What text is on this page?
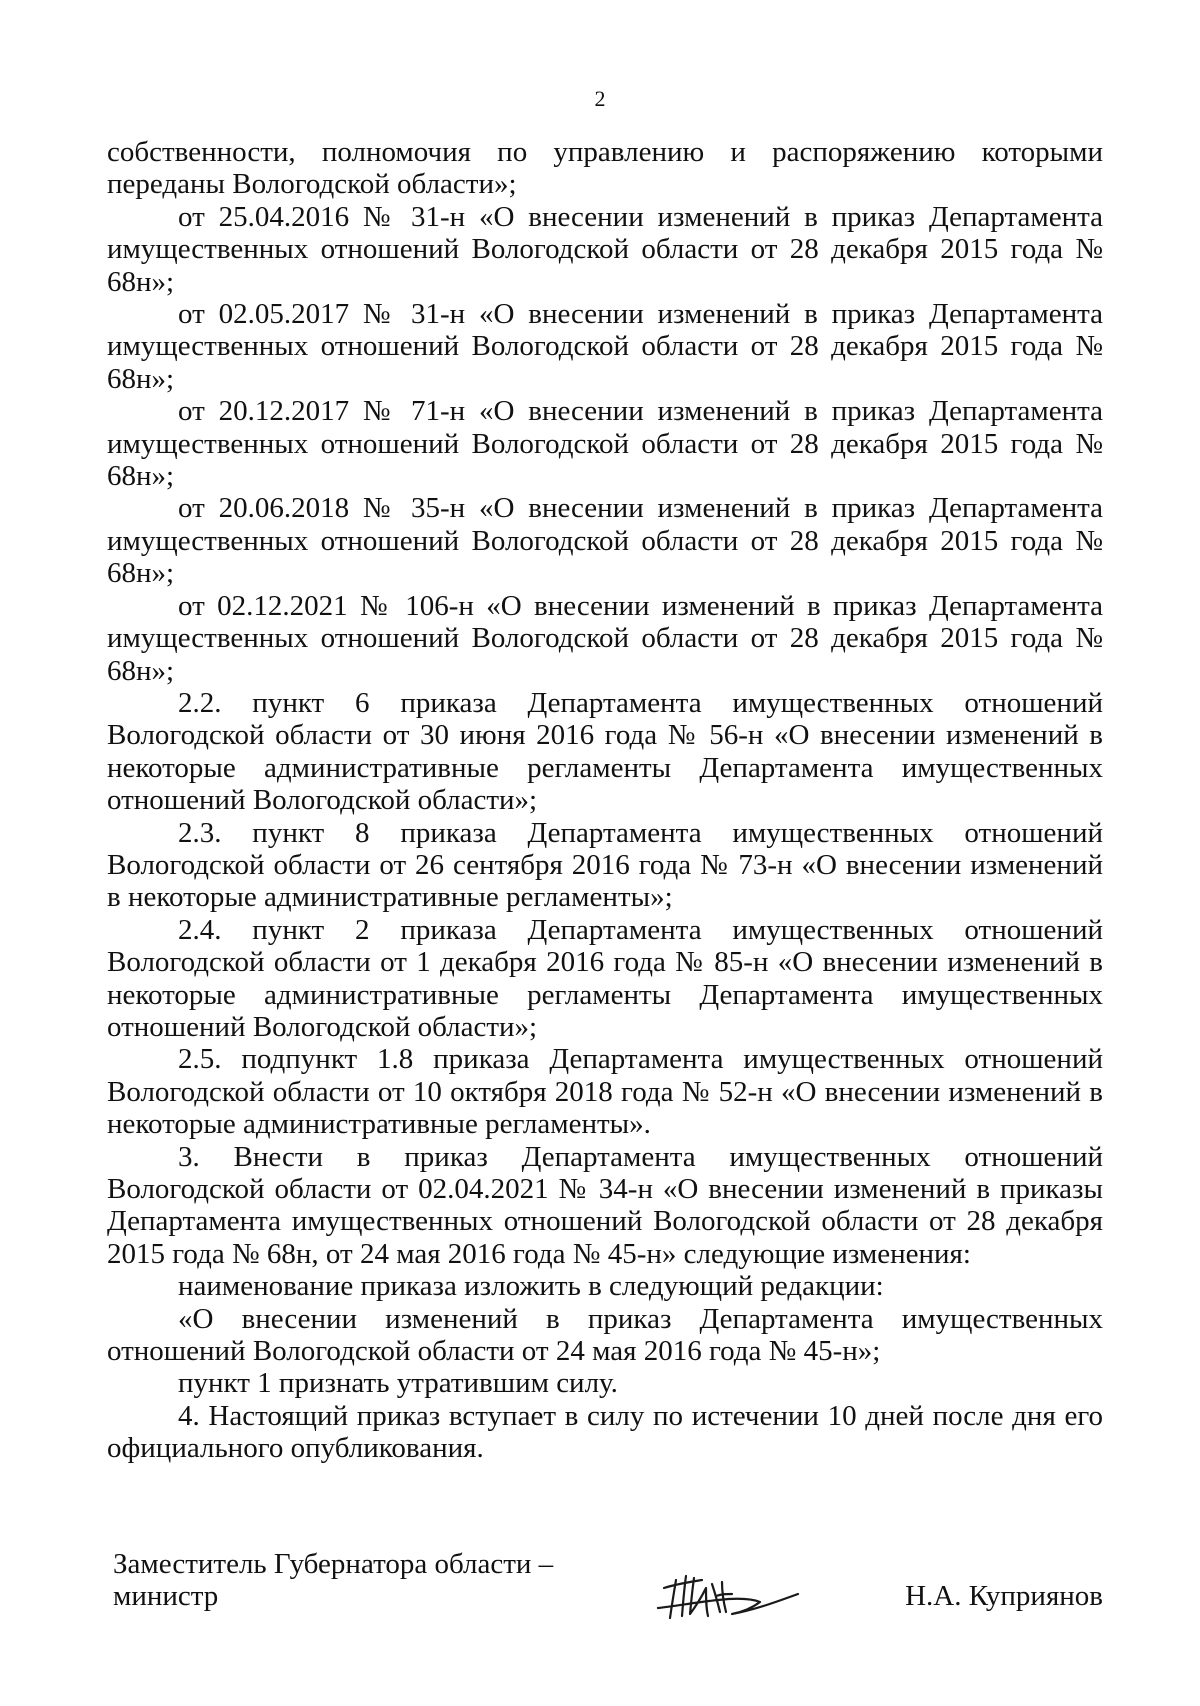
2

собственности, полномочия по управлению и распоряжению которыми переданы Вологодской области»;

от 25.04.2016 № 31-н «О внесении изменений в приказ Департамента имущественных отношений Вологодской области от 28 декабря 2015 года № 68н»;

от 02.05.2017 № 31-н «О внесении изменений в приказ Департамента имущественных отношений Вологодской области от 28 декабря 2015 года № 68н»;

от 20.12.2017 № 71-н «О внесении изменений в приказ Департамента имущественных отношений Вологодской области от 28 декабря 2015 года № 68н»;

от 20.06.2018 № 35-н «О внесении изменений в приказ Департамента имущественных отношений Вологодской области от 28 декабря 2015 года № 68н»;

от 02.12.2021 № 106-н «О внесении изменений в приказ Департамента имущественных отношений Вологодской области от 28 декабря 2015 года № 68н»;

2.2. пункт 6 приказа Департамента имущественных отношений Вологодской области от 30 июня 2016 года № 56-н «О внесении изменений в некоторые административные регламенты Департамента имущественных отношений Вологодской области»;

2.3. пункт 8 приказа Департамента имущественных отношений Вологодской области от 26 сентября 2016 года № 73-н «О внесении изменений в некоторые административные регламенты»;

2.4. пункт 2 приказа Департамента имущественных отношений Вологодской области от 1 декабря 2016 года № 85-н «О внесении изменений в некоторые административные регламенты Департамента имущественных отношений Вологодской области»;

2.5. подпункт 1.8 приказа Департамента имущественных отношений Вологодской области от 10 октября 2018 года № 52-н «О внесении изменений в некоторые административные регламенты».

3. Внести в приказ Департамента имущественных отношений Вологодской области от 02.04.2021 № 34-н «О внесении изменений в приказы Департамента имущественных отношений Вологодской области от 28 декабря 2015 года № 68н, от 24 мая 2016 года № 45-н» следующие изменения:

наименование приказа изложить в следующий редакции:

«О внесении изменений в приказ Департамента имущественных отношений Вологодской области от 24 мая 2016 года № 45-н»;

пункт 1 признать утратившим силу.

4. Настоящий приказ вступает в силу по истечении 10 дней после дня его официального опубликования.

Заместитель Губернатора области –
министр	Н.А. Куприянов
